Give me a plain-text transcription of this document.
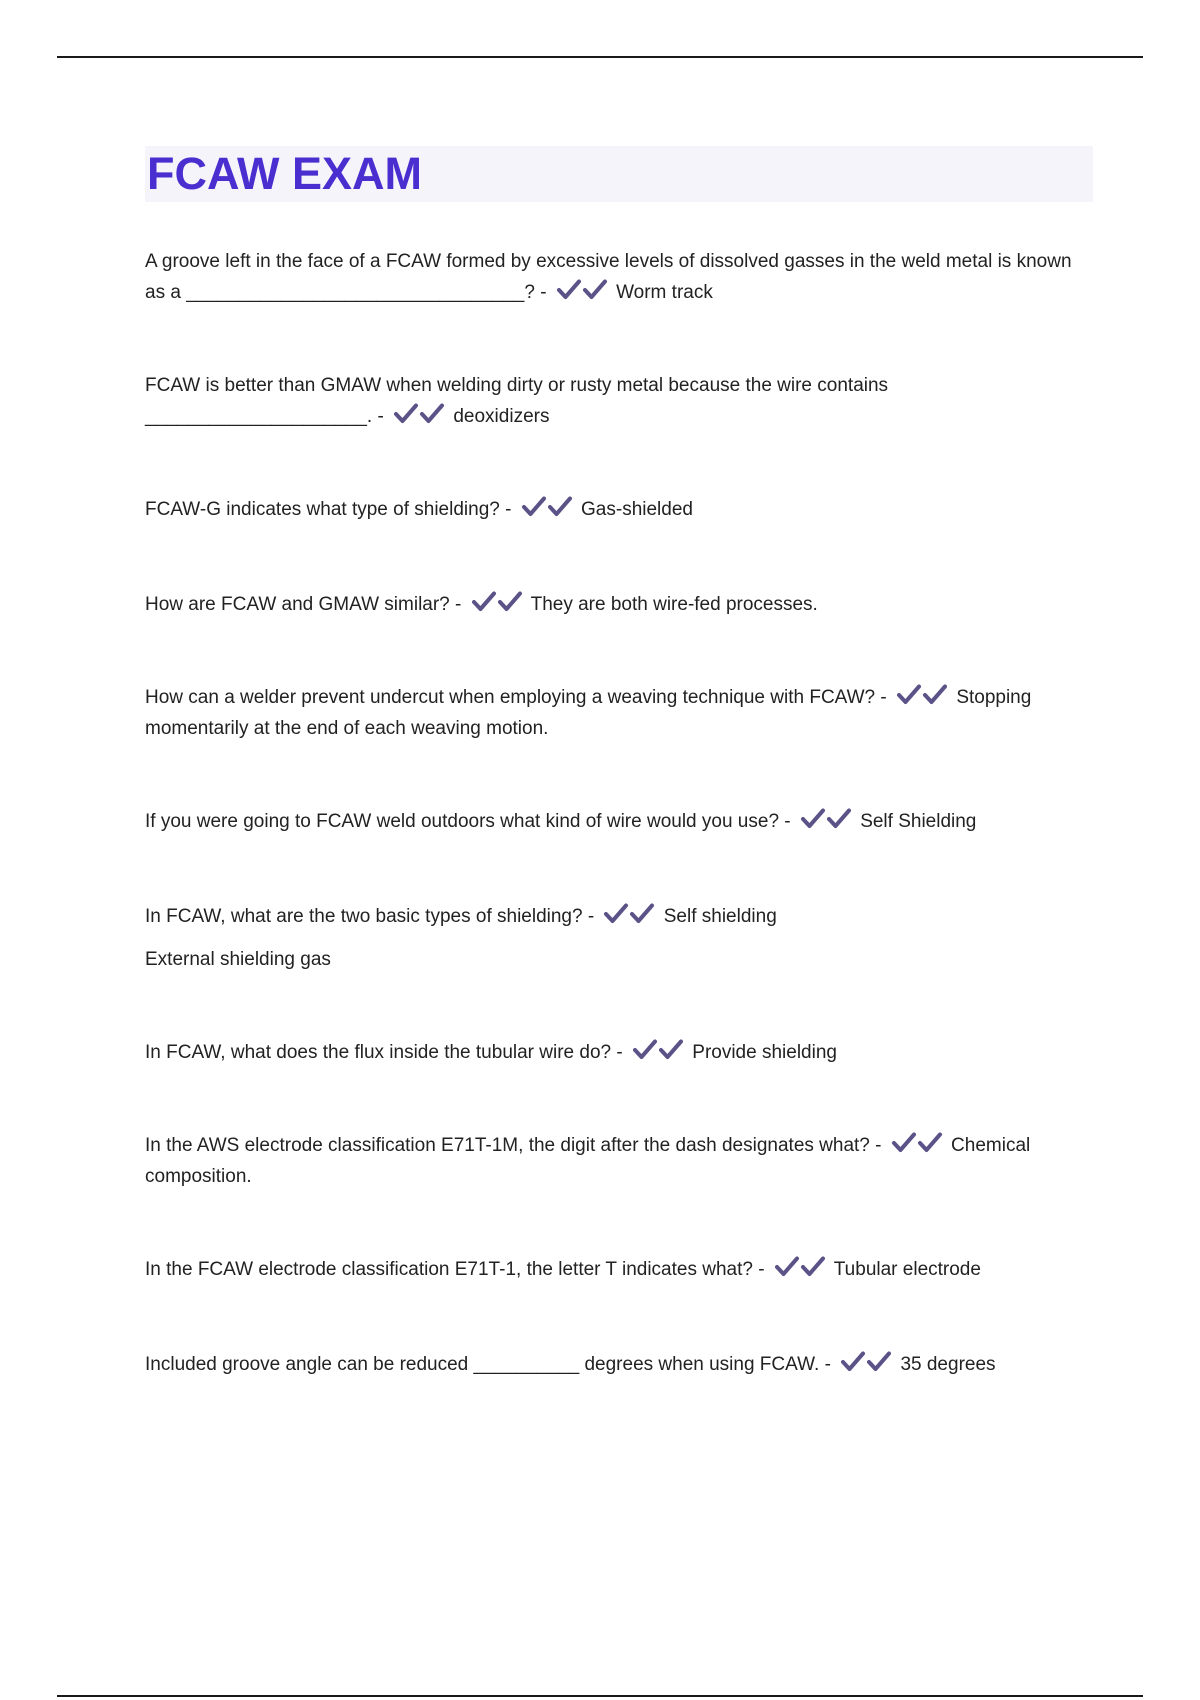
FCAW EXAM

A groove left in the face of a FCAW formed by excessive levels of dissolved gasses in the weld metal is known as a ________________________________? -	Worm track

FCAW is better than GMAW when welding dirty or rusty metal because the wire contains _____________________. -	deoxidizers

FCAW-G indicates what type of shielding? -	Gas-shielded

How are FCAW and GMAW similar? -	They are both wire-fed processes.

How can a welder prevent undercut when employing a weaving technique with FCAW? -	Stopping momentarily at the end of each weaving motion.

If you were going to FCAW weld outdoors what kind of wire would you use? -	Self Shielding

In FCAW, what are the two basic types of shielding? -	Self shielding

External shielding gas

In FCAW, what does the flux inside the tubular wire do? -	Provide shielding

In the AWS electrode classification E71T-1M, the digit after the dash designates what? -	Chemical composition.

In the FCAW electrode classification E71T-1, the letter T indicates what? -	Tubular electrode

Included groove angle can be reduced __________ degrees when using FCAW. -	35 degrees
